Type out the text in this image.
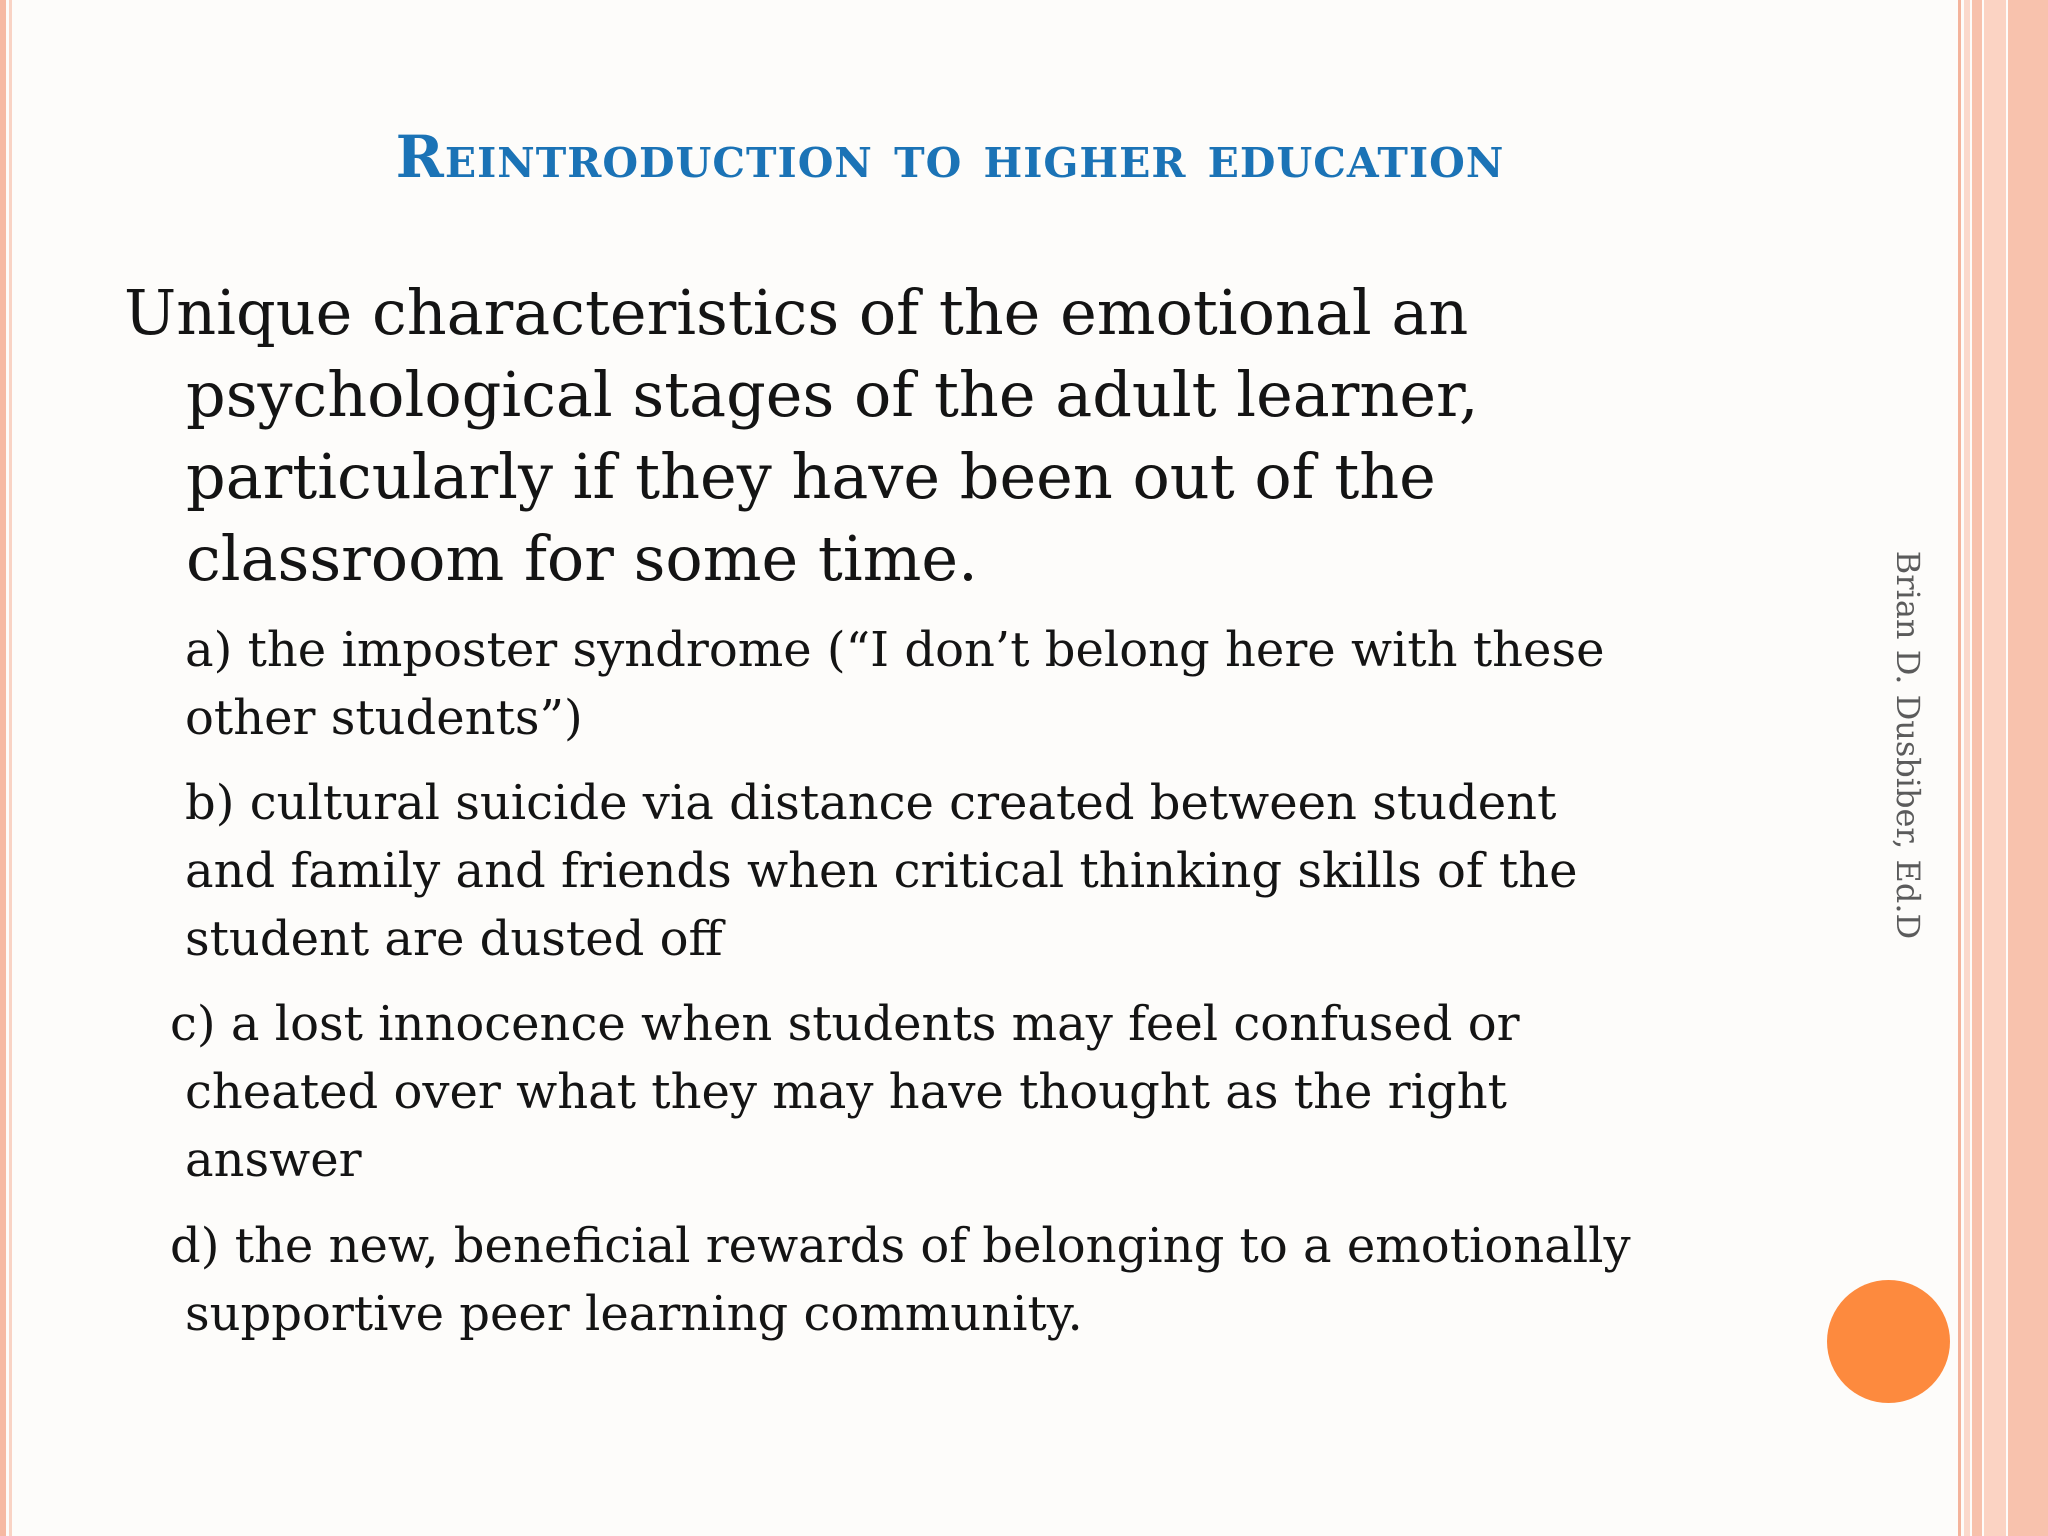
Reintroduction to higher education
Unique characteristics of the emotional an psychological stages of the adult learner, particularly if they have been out of the classroom for some time.
a) the imposter syndrome (“I don’t belong here with these
other students”)
b) cultural suicide via distance created between student
and family and friends when critical thinking skills of the
student are dusted off
c) a lost innocence when students may feel confused or
cheated over what they may have thought as the right
answer
d) the new, beneficial rewards of belonging to a emotionally
supportive peer learning community.
Brian D. Dusbiber, Ed.D
